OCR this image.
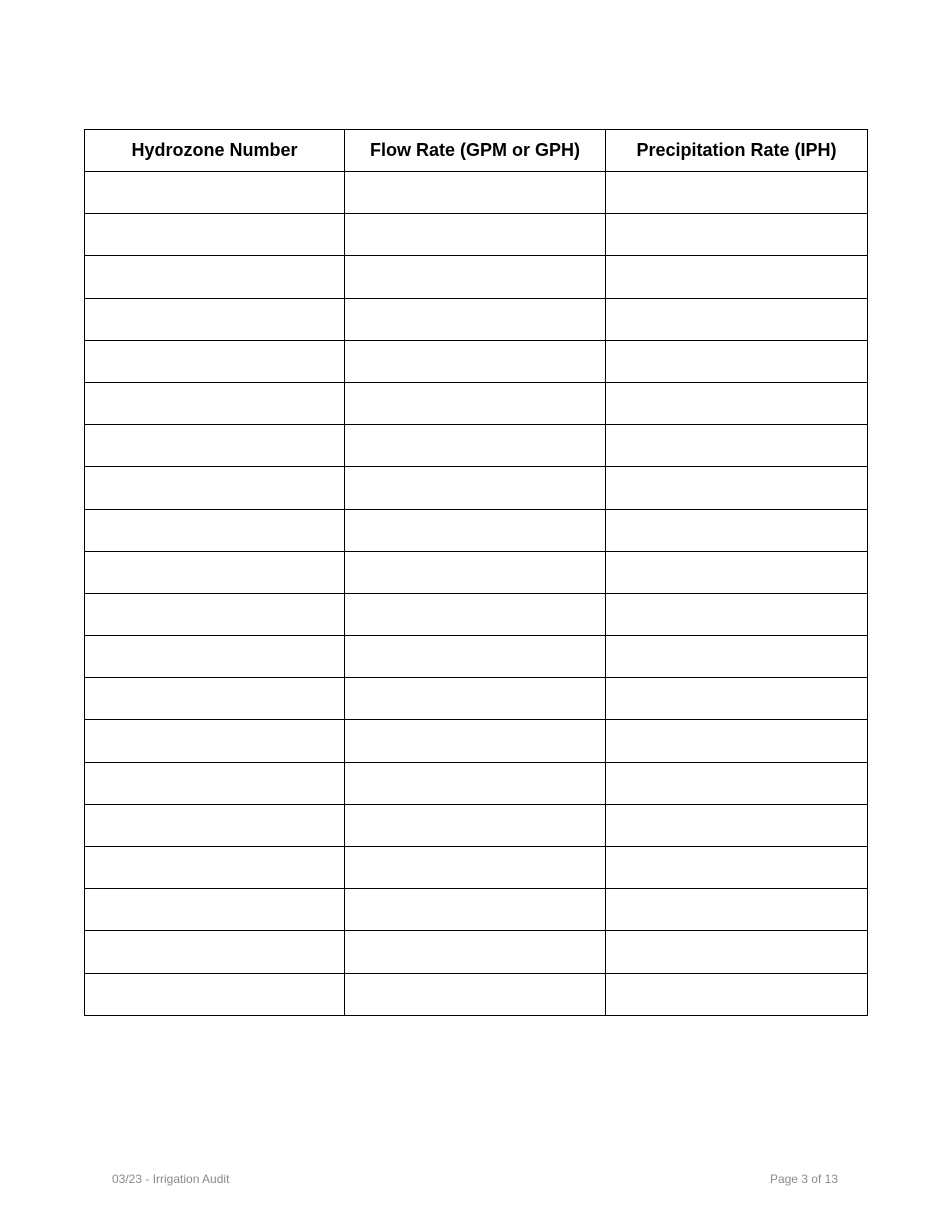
Hydrozone Number	Flow Rate (GPM or GPH)	Precipitation Rate (IPH)

03/23 - Irrigation Audit	Page 3 of 13
